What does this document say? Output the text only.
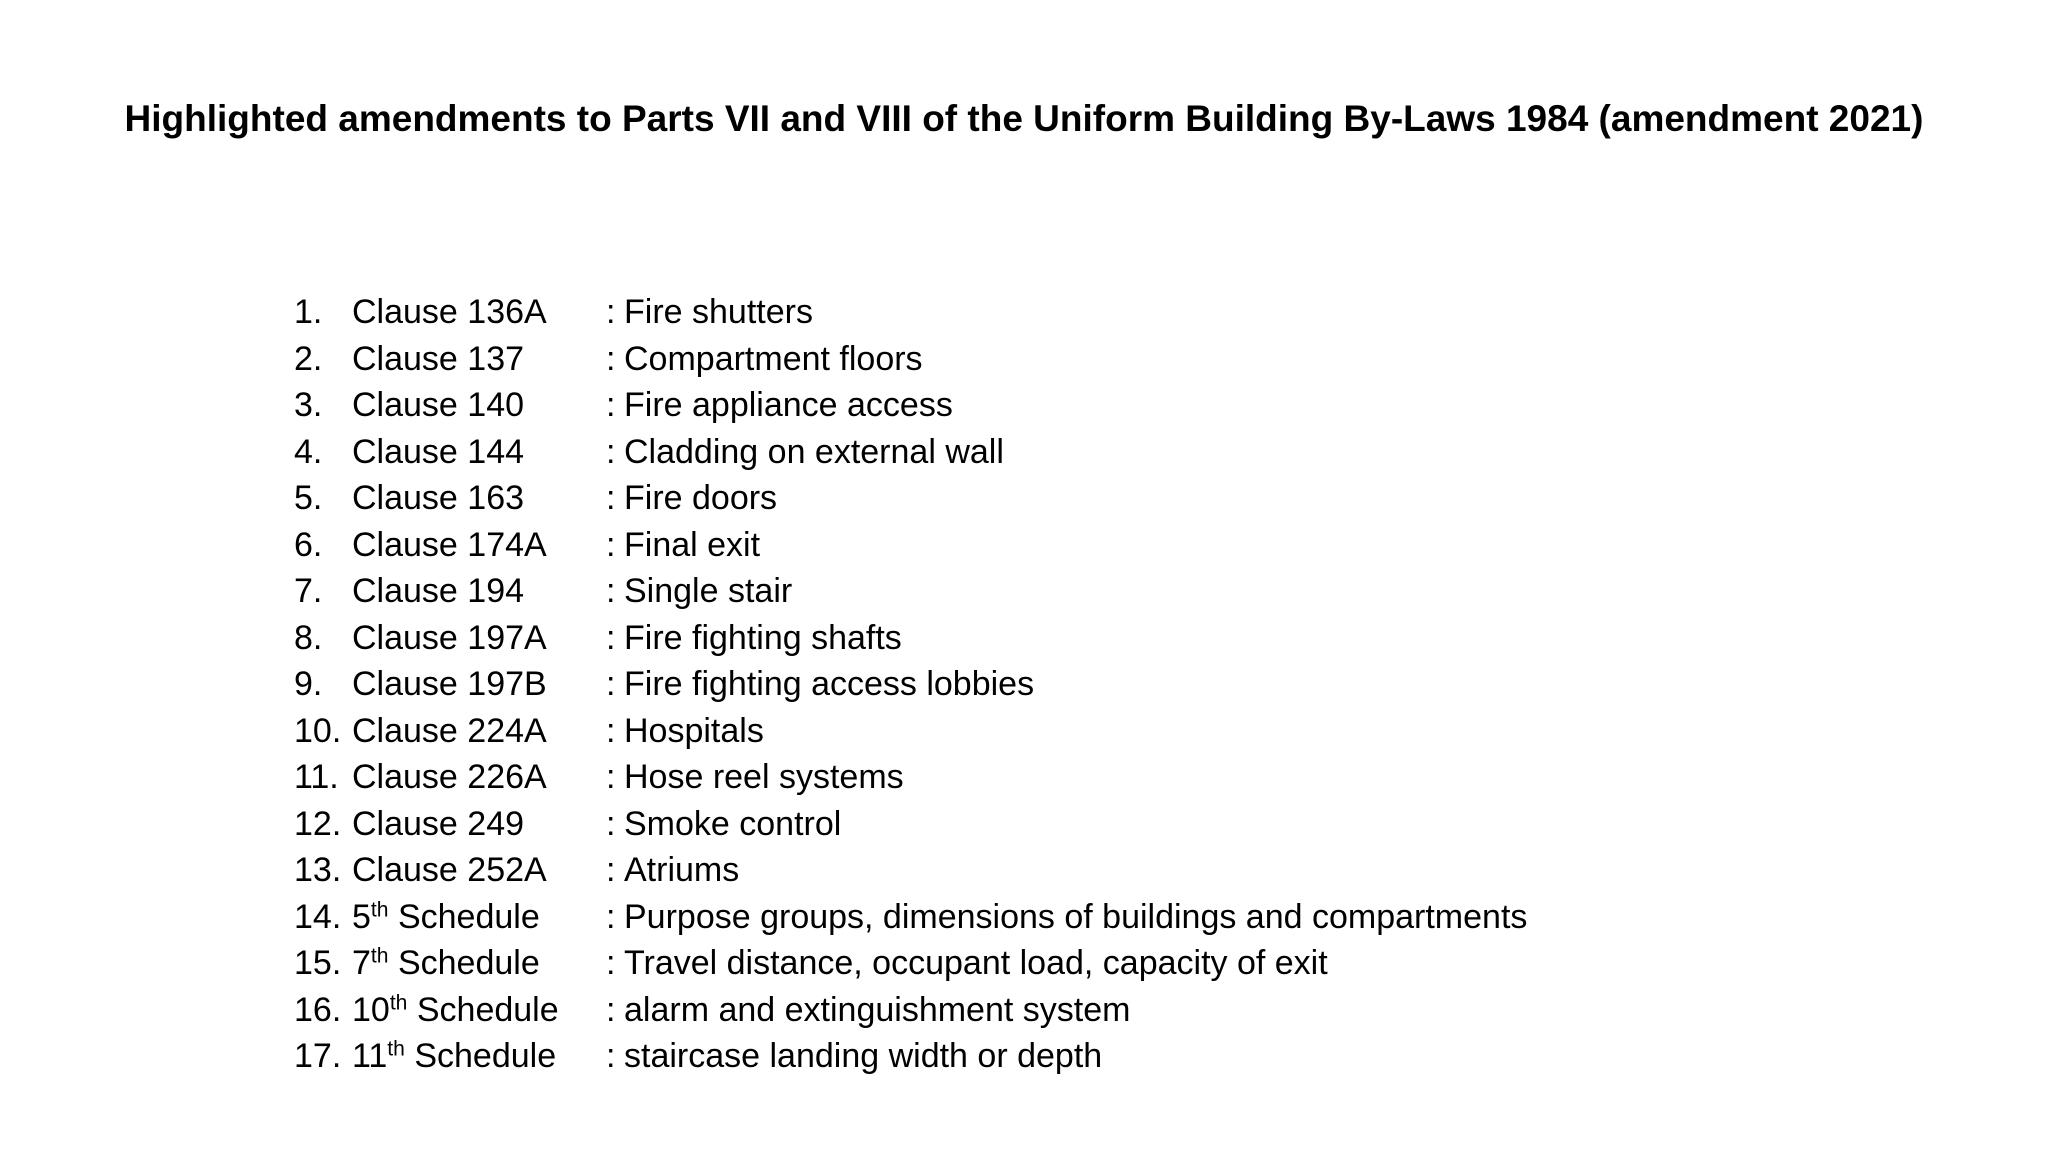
Highlighted amendments to Parts VII and VIII of the Uniform Building By-Laws 1984 (amendment 2021)
1. Clause 136A	: Fire shutters
2. Clause 137	: Compartment floors
3. Clause 140	: Fire appliance access
4. Clause 144	: Cladding on external wall
5. Clause 163	: Fire doors
6. Clause 174A	: Final exit
7. Clause 194	: Single stair
8. Clause 197A	: Fire fighting shafts
9. Clause 197B	: Fire fighting access lobbies
10. Clause 224A	: Hospitals
11. Clause 226A	: Hose reel systems
12. Clause 249	: Smoke control
13. Clause 252A	: Atriums
14. 5th Schedule	: Purpose groups, dimensions of buildings and compartments
15. 7th Schedule	: Travel distance, occupant load, capacity of exit
16. 10th Schedule	: alarm and extinguishment system
17. 11th Schedule	: staircase landing width or depth
